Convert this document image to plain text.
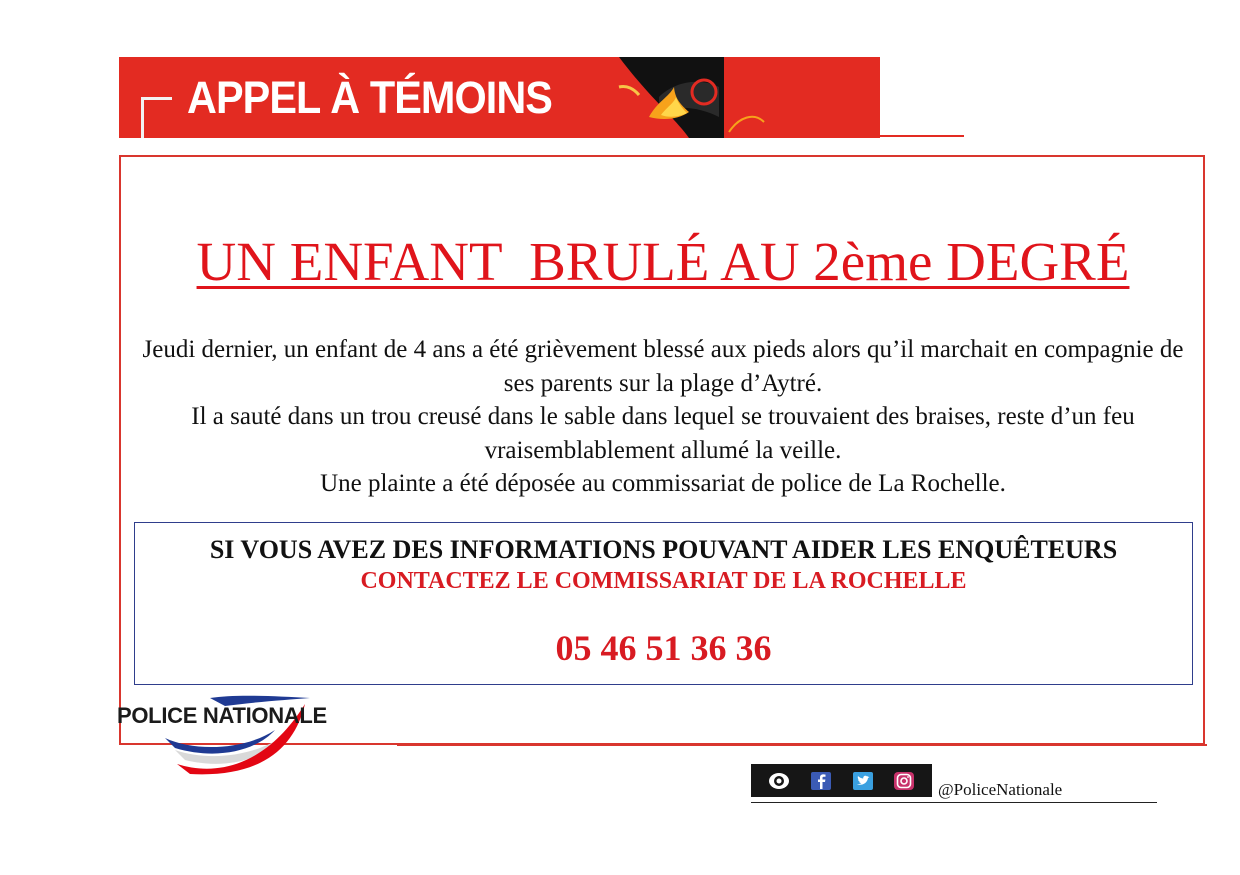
APPEL À TÉMOINS
UN ENFANT  BRULÉ AU 2ème DEGRÉ

Jeudi dernier, un enfant de 4 ans a été grièvement blessé aux pieds alors qu’il marchait en compagnie de ses parents sur la plage d’Aytré.

Il a sauté dans un trou creusé dans le sable dans lequel se trouvaient des braises, reste d’un feu vraisemblablement allumé la veille.

Une plainte a été déposée au commissariat de police de La Rochelle.

SI VOUS AVEZ DES INFORMATIONS POUVANT AIDER LES ENQUÊTEURS
CONTACTEZ LE COMMISSARIAT DE LA ROCHELLE
05 46 51 36 36
POLICE NATIONALE
@PoliceNationale
